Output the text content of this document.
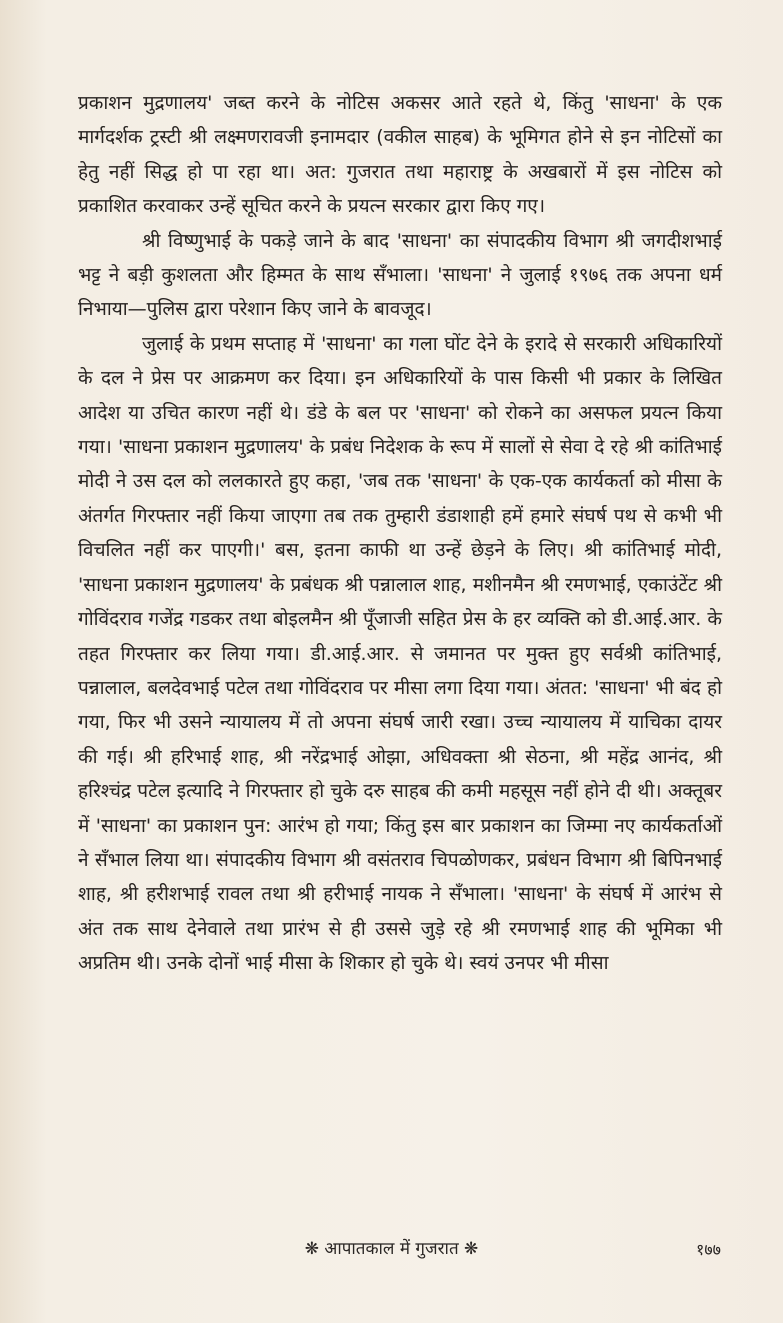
प्रकाशन मुद्रणालय' जब्त करने के नोटिस अकसर आते रहते थे, किंतु 'साधना' के एक मार्गदर्शक ट्रस्टी श्री लक्ष्मणरावजी इनामदार (वकील साहब) के भूमिगत होने से इन नोटिसों का हेतु नहीं सिद्ध हो पा रहा था। अत: गुजरात तथा महाराष्ट्र के अखबारों में इस नोटिस को प्रकाशित करवाकर उन्हें सूचित करने के प्रयत्न सरकार द्वारा किए गए।

श्री विष्णुभाई के पकड़े जाने के बाद 'साधना' का संपादकीय विभाग श्री जगदीशभाई भट्ट ने बड़ी कुशलता और हिम्मत के साथ सँभाला। 'साधना' ने जुलाई १९७६ तक अपना धर्म निभाया—पुलिस द्वारा परेशान किए जाने के बावजूद।

जुलाई के प्रथम सप्ताह में 'साधना' का गला घोंट देने के इरादे से सरकारी अधिकारियों के दल ने प्रेस पर आक्रमण कर दिया। इन अधिकारियों के पास किसी भी प्रकार के लिखित आदेश या उचित कारण नहीं थे। डंडे के बल पर 'साधना' को रोकने का असफल प्रयत्न किया गया। 'साधना प्रकाशन मुद्रणालय' के प्रबंध निदेशक के रूप में सालों से सेवा दे रहे श्री कांतिभाई मोदी ने उस दल को ललकारते हुए कहा, 'जब तक 'साधना' के एक-एक कार्यकर्ता को मीसा के अंतर्गत गिरफ्तार नहीं किया जाएगा तब तक तुम्हारी डंडाशाही हमें हमारे संघर्ष पथ से कभी भी विचलित नहीं कर पाएगी।' बस, इतना काफी था उन्हें छेड़ने के लिए। श्री कांतिभाई मोदी, 'साधना प्रकाशन मुद्रणालय' के प्रबंधक श्री पन्नालाल शाह, मशीनमैन श्री रमणभाई, एकाउंटेंट श्री गोविंदराव गजेंद्र गडकर तथा बोइलमैन श्री पूँजाजी सहित प्रेस के हर व्यक्ति को डी.आई.आर. के तहत गिरफ्तार कर लिया गया। डी.आई.आर. से जमानत पर मुक्त हुए सर्वश्री कांतिभाई, पन्नालाल, बलदेवभाई पटेल तथा गोविंदराव पर मीसा लगा दिया गया। अंतत: 'साधना' भी बंद हो गया, फिर भी उसने न्यायालय में तो अपना संघर्ष जारी रखा। उच्च न्यायालय में याचिका दायर की गई। श्री हरिभाई शाह, श्री नरेंद्रभाई ओझा, अधिवक्ता श्री सेठना, श्री महेंद्र आनंद, श्री हरिश्चंद्र पटेल इत्यादि ने गिरफ्तार हो चुके दरु साहब की कमी महसूस नहीं होने दी थी। अक्तूबर में 'साधना' का प्रकाशन पुन: आरंभ हो गया; किंतु इस बार प्रकाशन का जिम्मा नए कार्यकर्ताओं ने सँभाल लिया था। संपादकीय विभाग श्री वसंतराव चिपळोणकर, प्रबंधन विभाग श्री बिपिनभाई शाह, श्री हरीशभाई रावल तथा श्री हरीभाई नायक ने सँभाला। 'साधना' के संघर्ष में आरंभ से अंत तक साथ देनेवाले तथा प्रारंभ से ही उससे जुड़े रहे श्री रमणभाई शाह की भूमिका भी अप्रतिम थी। उनके दोनों भाई मीसा के शिकार हो चुके थे। स्वयं उनपर भी मीसा

❋ आपातकाल में गुजरात ❋	१७७
